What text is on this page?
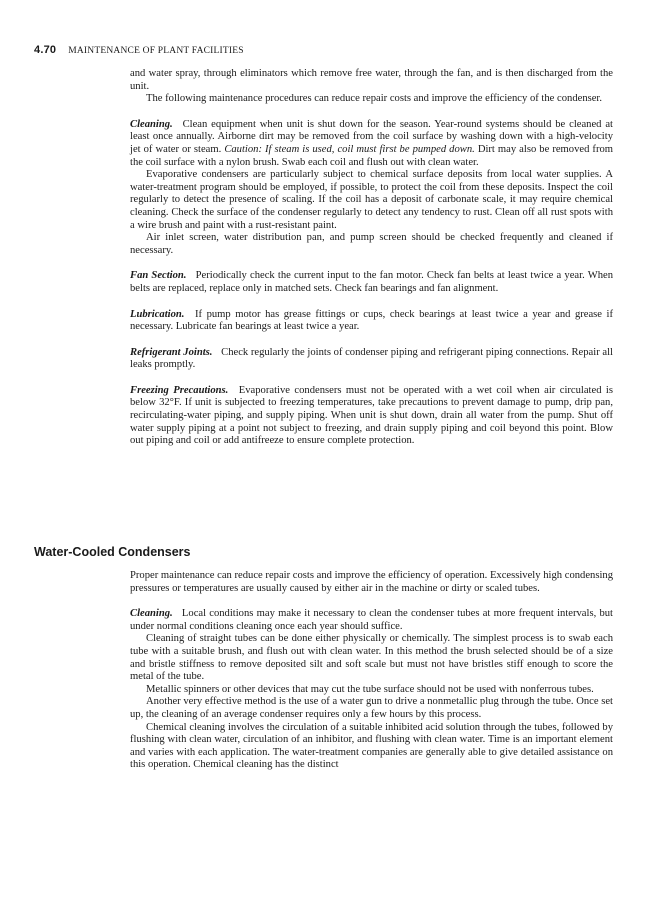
4.70 MAINTENANCE OF PLANT FACILITIES

and water spray, through eliminators which remove free water, through the fan, and is then discharged from the unit.

The following maintenance procedures can reduce repair costs and improve the efficiency of the condenser.

Cleaning. Clean equipment when unit is shut down for the season. Year-round systems should be cleaned at least once annually. Airborne dirt may be removed from the coil surface by washing down with a high-velocity jet of water or steam. Caution: If steam is used, coil must first be pumped down. Dirt may also be removed from the coil surface with a nylon brush. Swab each coil and flush out with clean water.

Evaporative condensers are particularly subject to chemical surface deposits from local water supplies. A water-treatment program should be employed, if possible, to protect the coil from these deposits. Inspect the coil regularly to detect the presence of scaling. If the coil has a deposit of carbonate scale, it may require chemical cleaning. Check the surface of the condenser regularly to detect any tendency to rust. Clean off all rust spots with a wire brush and paint with a rust-resistant paint.

Air inlet screen, water distribution pan, and pump screen should be checked frequently and cleaned if necessary.

Fan Section. Periodically check the current input to the fan motor. Check fan belts at least twice a year. When belts are replaced, replace only in matched sets. Check fan bearings and fan alignment.

Lubrication. If pump motor has grease fittings or cups, check bearings at least twice a year and grease if necessary. Lubricate fan bearings at least twice a year.

Refrigerant Joints. Check regularly the joints of condenser piping and refrigerant piping connections. Repair all leaks promptly.

Freezing Precautions. Evaporative condensers must not be operated with a wet coil when air circulated is below 32°F. If unit is subjected to freezing temperatures, take precautions to prevent damage to pump, drip pan, recirculating-water piping, and supply piping. When unit is shut down, drain all water from the pump. Shut off water supply piping at a point not subject to freezing, and drain supply piping and coil beyond this point. Blow out piping and coil or add antifreeze to ensure complete protection.

Water-Cooled Condensers

Proper maintenance can reduce repair costs and improve the efficiency of operation. Excessively high condensing pressures or temperatures are usually caused by either air in the machine or dirty or scaled tubes.

Cleaning. Local conditions may make it necessary to clean the condenser tubes at more frequent intervals, but under normal conditions cleaning once each year should suffice.

Cleaning of straight tubes can be done either physically or chemically. The simplest process is to swab each tube with a suitable brush, and flush out with clean water. In this method the brush selected should be of a size and bristle stiffness to remove deposited silt and soft scale but must not have bristles stiff enough to score the metal of the tube.

Metallic spinners or other devices that may cut the tube surface should not be used with nonferrous tubes.

Another very effective method is the use of a water gun to drive a nonmetallic plug through the tube. Once set up, the cleaning of an average condenser requires only a few hours by this process.

Chemical cleaning involves the circulation of a suitable inhibited acid solution through the tubes, followed by flushing with clean water, circulation of an inhibitor, and flushing with clean water. Time is an important element and varies with each application. The water-treatment companies are generally able to give detailed assistance on this operation. Chemical cleaning has the distinct
